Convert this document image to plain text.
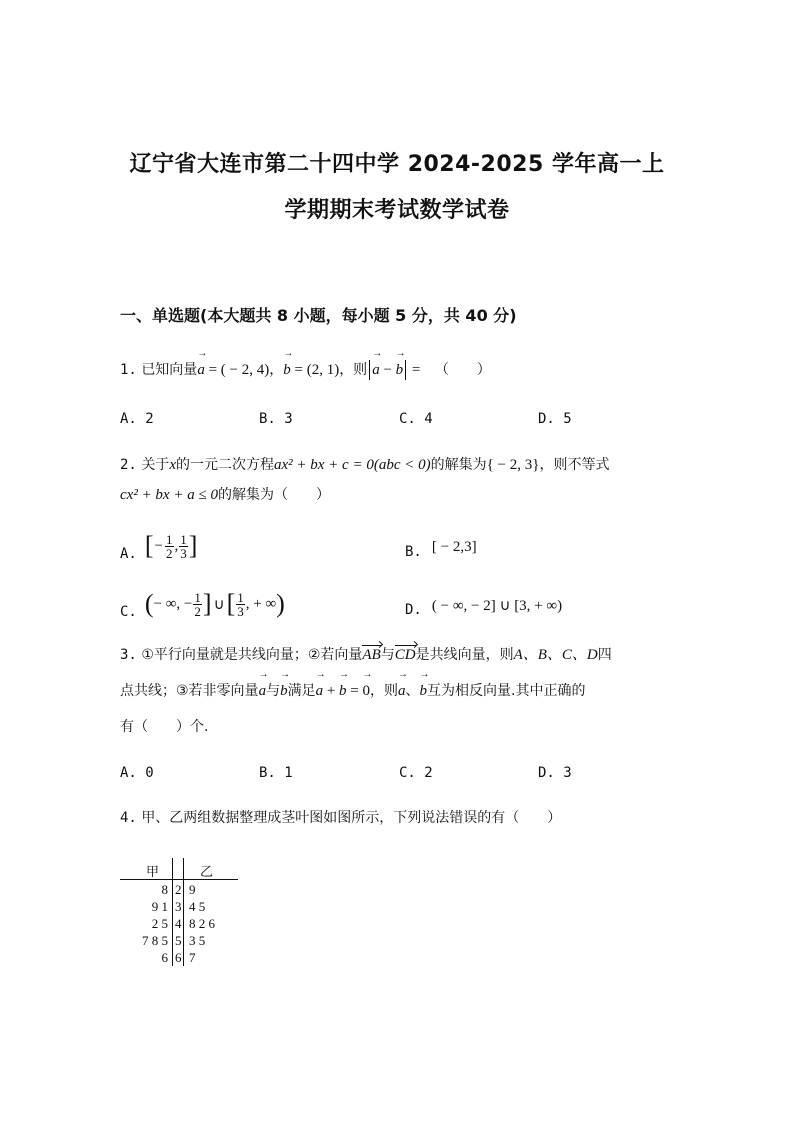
辽宁省大连市第二十四中学 2024-2025 学年高一上
学期期末考试数学试卷
一、单选题(本大题共 8 小题，每小题 5 分，共 40 分)
1. 已知向量→ a = ( − 2, 4)，→ b = (2, 1)，则→ a − → b = （　　）
A. 2	B. 3	C. 4	D. 5
2. 关于x的一元二次方程ax² + bx + c = 0(abc < 0)的解集为{ − 2, 3}，则不等式
cx² + bx + a ≤ 0的解集为（　　）
A. [ − $\frac{1}{2}$ , $\frac{1}{3}$ ]	B. [ − 2,3]
C. ( − ∞, − $\frac{1}{2}$ ] ∪ [ $\frac{1}{3}$ , + ∞ )	D. ( − ∞, − 2] ∪ [3, + ∞)
3. ①平行向量就是共线向量；②若向量AB与CD是共线向量，则A、B、C、D四
点共线；③若非零向量→ a与→ b满足→ a + → b = → 0，则→ a、→ b互为相反向量.其中正确的
有（　　）个.
A. 0	B. 1	C. 2	D. 3
4. 甲、乙两组数据整理成茎叶图如图所示，下列说法错误的有（　　）
甲	乙
8 2 9
9 1 3 4 5
2 5 4 8 2 6
7 8 5 5 3 5
6 6 7
